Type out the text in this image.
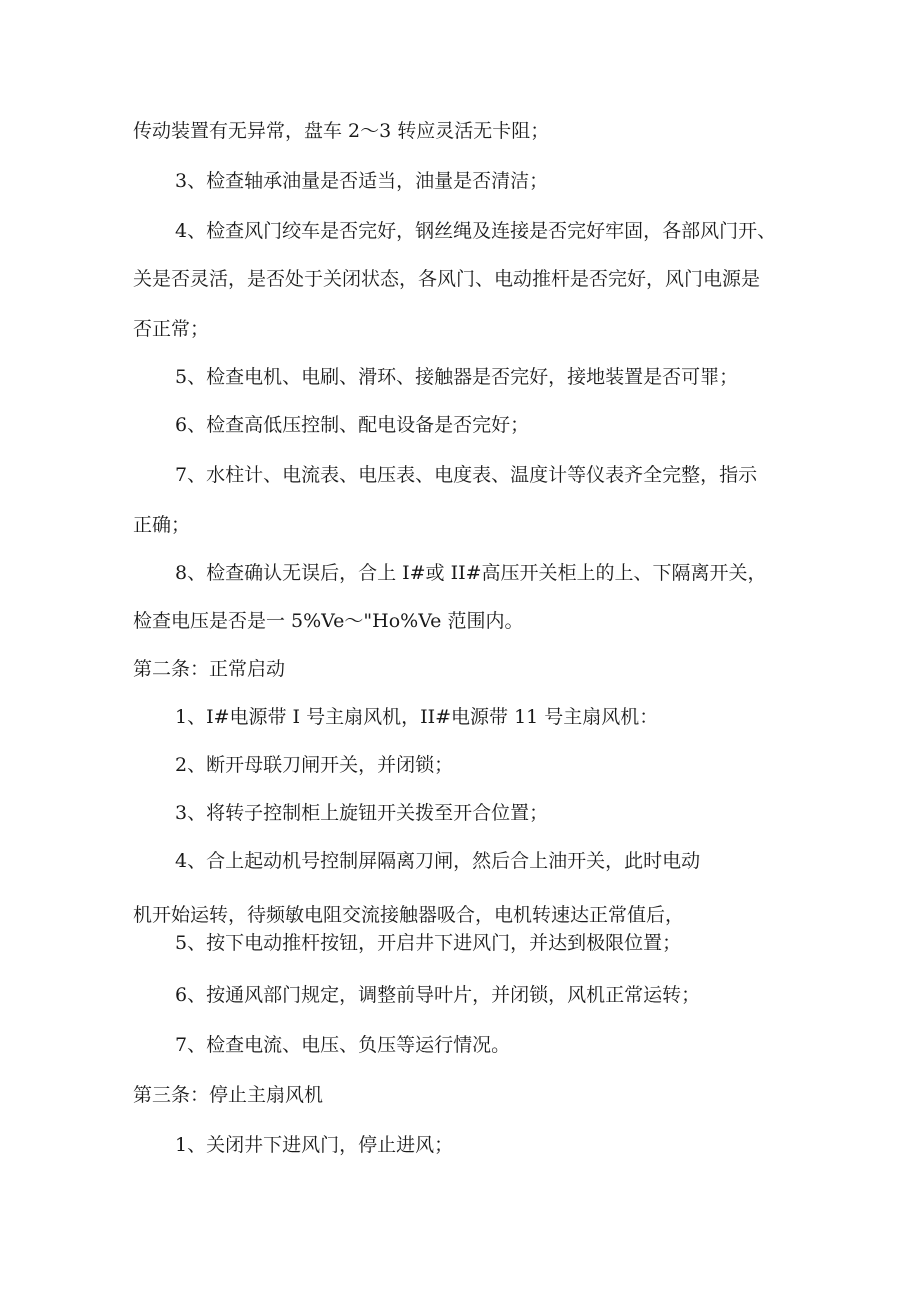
传动装置有无异常，盘车 2～3 转应灵活无卡阻；

3、检查轴承油量是否适当，油量是否清洁；

4、检查风门绞车是否完好，钢丝绳及连接是否完好牢固，各部风门开、

关是否灵活，是否处于关闭状态，各风门、电动推杆是否完好，风门电源是

否正常；

5、检查电机、电刷、滑环、接触器是否完好，接地装置是否可罪；

6、检查高低压控制、配电设备是否完好；

7、水柱计、电流表、电压表、电度表、温度计等仪表齐全完整，指示

正确；

8、检查确认无误后，合上 I#或 II#高压开关柜上的上、下隔离开关，

检查电压是否是一 5%Ve～"Ho%Ve 范围内。

第二条：正常启动

1、I#电源带 I 号主扇风机，II#电源带 11 号主扇风机：

2、断开母联刀闸开关，并闭锁；

3、将转子控制柜上旋钮开关拨至开合位置；

4、合上起动机号控制屏隔离刀闸，然后合上油开关，此时电动

机开始运转，待频敏电阻交流接触器吸合，电机转速达正常值后，

5、按下电动推杆按钮，开启井下进风门，并达到极限位置；

6、按通风部门规定，调整前导叶片，并闭锁，风机正常运转；

7、检查电流、电压、负压等运行情况。

第三条：停止主扇风机

1、关闭井下进风门，停止进风；
